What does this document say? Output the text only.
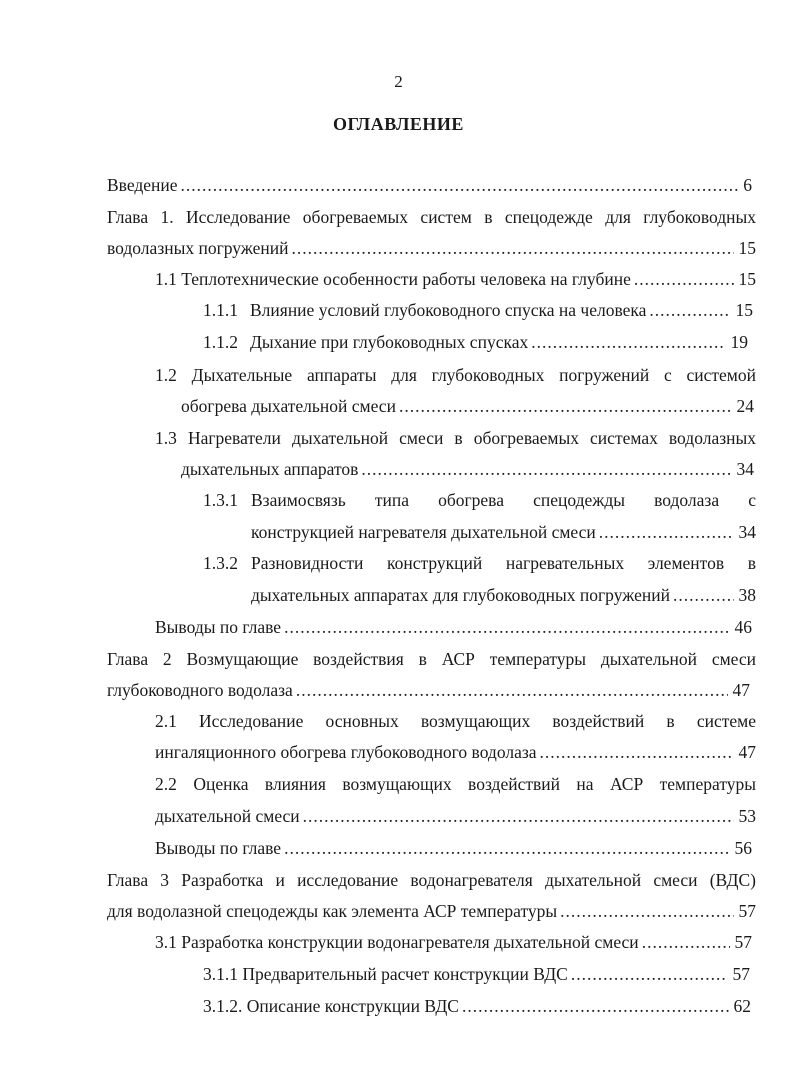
2
ОГЛАВЛЕНИЕ
Введение .....	6
Глава 1. Исследование обогреваемых систем в спецодежде для глубоководных
водолазных погружений .....	15
1.1 Теплотехнические особенности работы человека на глубине .....	15
1.1.1 Влияние условий глубоководного спуска на человека .....	15
1.1.2 Дыхание при глубоководных спусках .....	19
1.2 Дыхательные аппараты для глубоководных погружений с системой
обогрева дыхательной смеси .....	24
1.3 Нагреватели дыхательной смеси в обогреваемых системах водолазных
дыхательных аппаратов .....	34
1.3.1 Взаимосвязь типа обогрева спецодежды водолаза с
конструкцией нагревателя дыхательной смеси .....	34
1.3.2 Разновидности конструкций нагревательных элементов в
дыхательных аппаратах для глубоководных погружений .....	38
Выводы по главе .....	46
Глава 2 Возмущающие воздействия в АСР температуры дыхательной смеси
глубоководного водолаза .....	47
2.1 Исследование основных возмущающих воздействий в системе
ингаляционного обогрева глубоководного водолаза .....	47
2.2 Оценка влияния возмущающих воздействий на АСР температуры
дыхательной смеси .....	53
Выводы по главе .....	56
Глава 3 Разработка и исследование водонагревателя дыхательной смеси (ВДС)
для водолазной спецодежды как элемента АСР температуры .....	57
3.1 Разработка конструкции водонагревателя дыхательной смеси .....	57
3.1.1 Предварительный расчет конструкции ВДС .....	57
3.1.2. Описание конструкции ВДС .....	62
